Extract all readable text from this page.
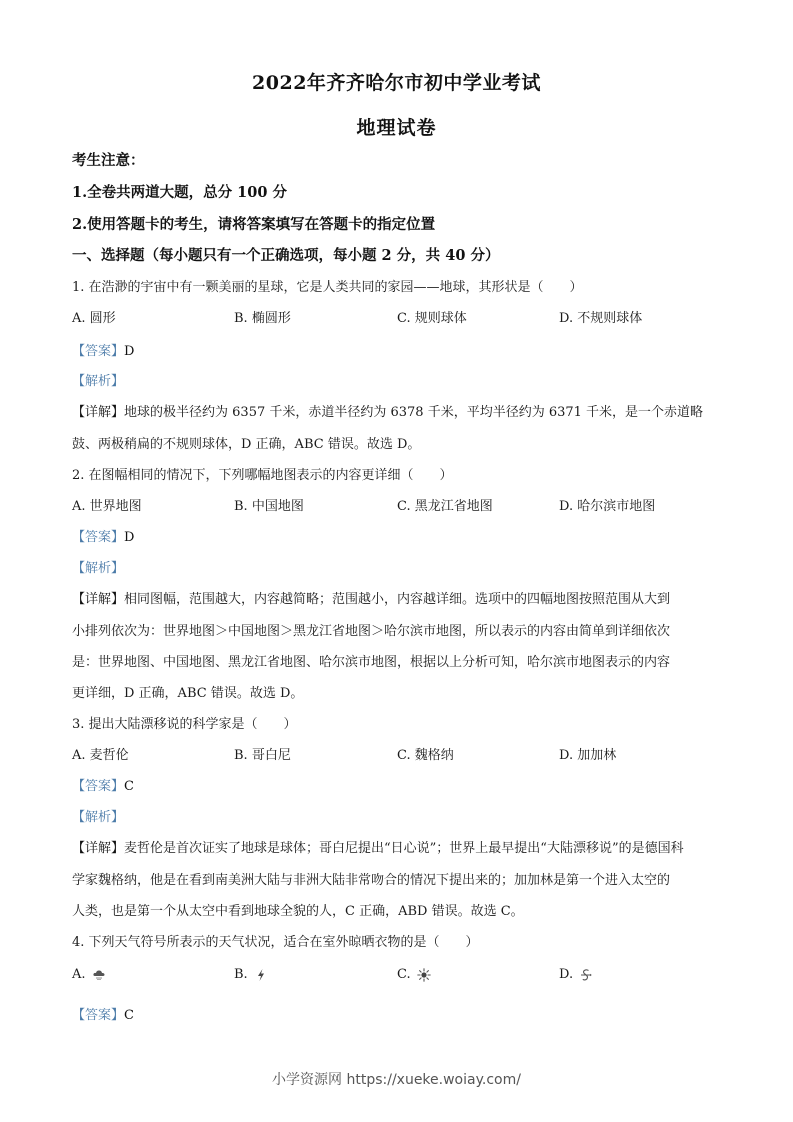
2022年齐齐哈尔市初中学业考试
地理试卷
考生注意：
1.全卷共两道大题，总分 100 分
2.使用答题卡的考生，请将答案填写在答题卡的指定位置
一、选择题（每小题只有一个正确选项，每小题 2 分，共 40 分）
1. 在浩渺的宇宙中有一颗美丽的星球，它是人类共同的家园——地球，其形状是（　　）
A. 圆形	B. 椭圆形	C. 规则球体	D. 不规则球体
【答案】D
【解析】
【详解】地球的极半径约为 6357 千米，赤道半径约为 6378 千米，平均半径约为 6371 千米，是一个赤道略
鼓、两极稍扁的不规则球体，D 正确，ABC 错误。故选 D。
2. 在图幅相同的情况下，下列哪幅地图表示的内容更详细（　　）
A. 世界地图	B. 中国地图	C. 黑龙江省地图	D. 哈尔滨市地图
【答案】D
【解析】
【详解】相同图幅，范围越大，内容越简略；范围越小，内容越详细。选项中的四幅地图按照范围从大到
小排列依次为：世界地图＞中国地图＞黑龙江省地图＞哈尔滨市地图，所以表示的内容由简单到详细依次
是：世界地图、中国地图、黑龙江省地图、哈尔滨市地图，根据以上分析可知，哈尔滨市地图表示的内容
更详细，D 正确，ABC 错误。故选 D。
3. 提出大陆漂移说的科学家是（　　）
A. 麦哲伦	B. 哥白尼	C. 魏格纳	D. 加加林
【答案】C
【解析】
【详解】麦哲伦是首次证实了地球是球体；哥白尼提出“日心说”；世界上最早提出“大陆漂移说”的是德国科
学家魏格纳，他是在看到南美洲大陆与非洲大陆非常吻合的情况下提出来的；加加林是第一个进入太空的
人类，也是第一个从太空中看到地球全貌的人，C 正确，ABD 错误。故选 C。
4. 下列天气符号所表示的天气状况，适合在室外晾晒衣物的是（　　）
A.	B.	C.	D.
【答案】C
小学资源网 https://xueke.woiay.com/
